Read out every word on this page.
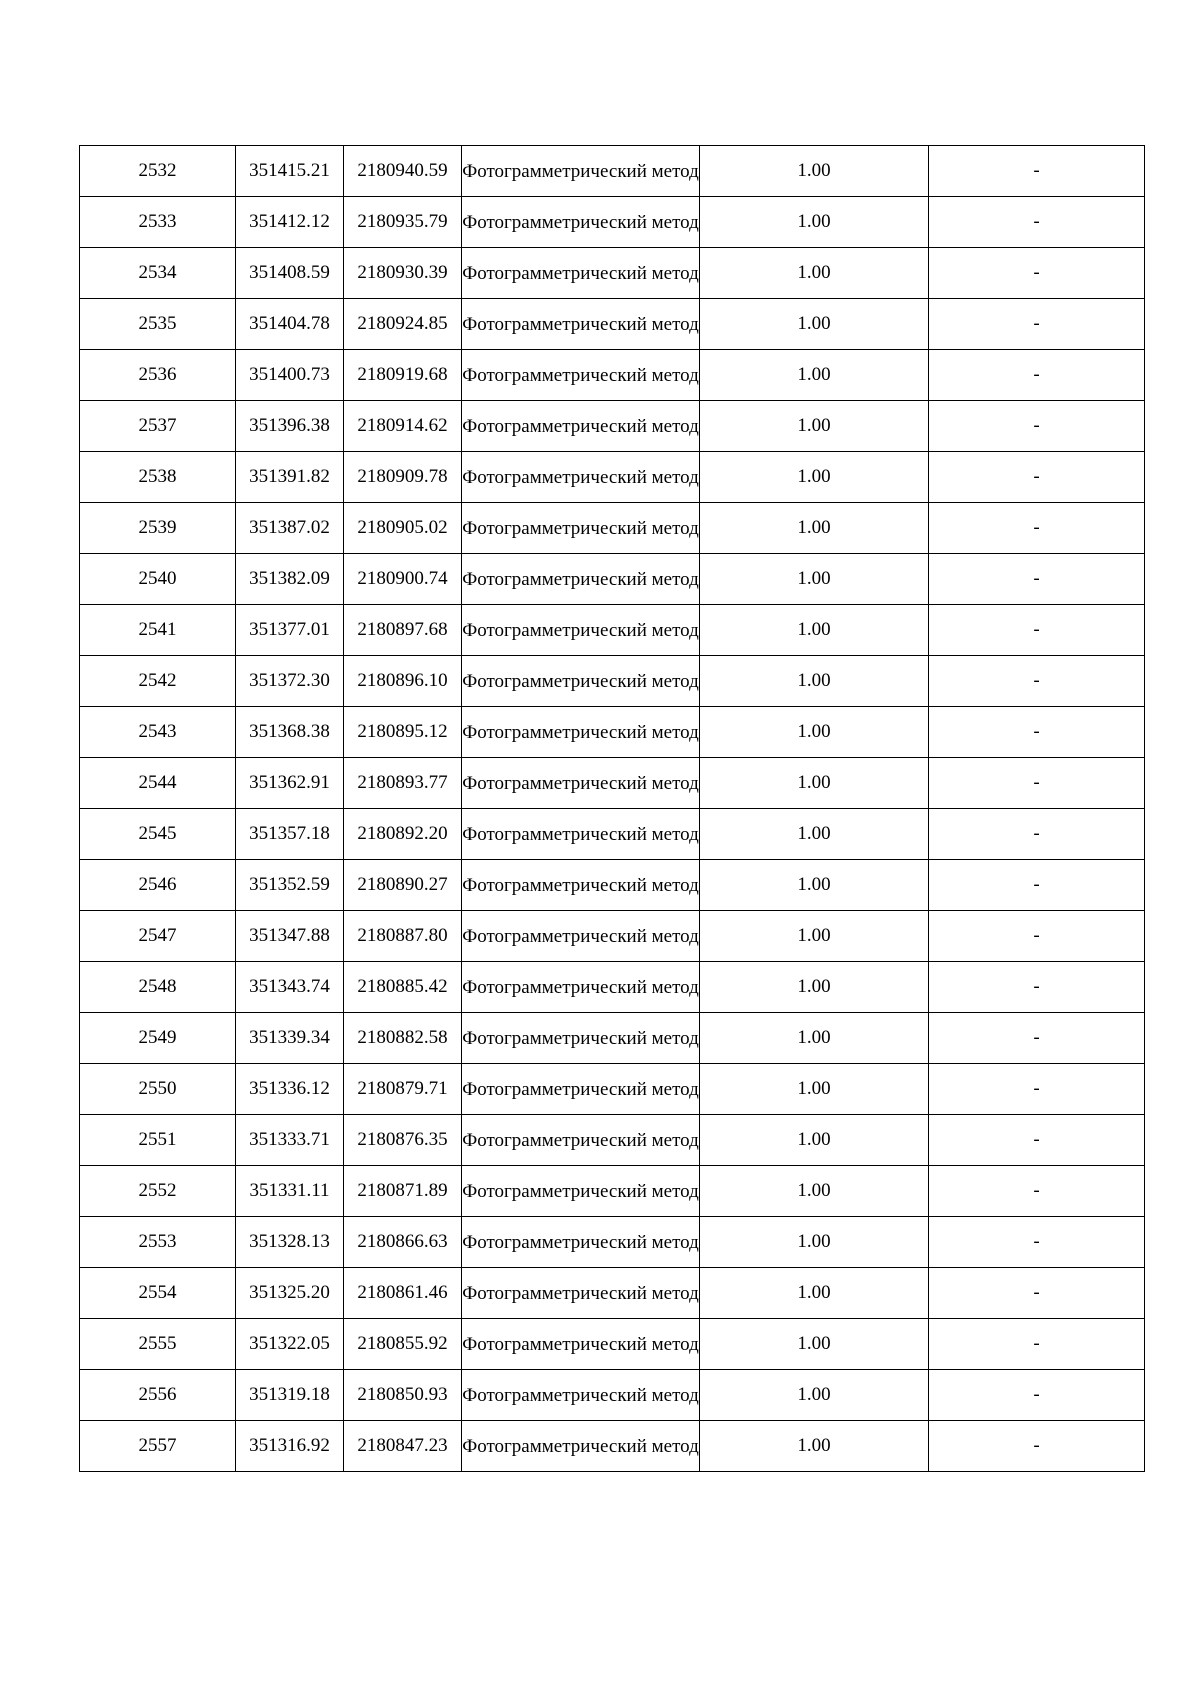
2532	351415.21	2180940.59	Фотограмметрический метод	1.00	-
2533	351412.12	2180935.79	Фотограмметрический метод	1.00	-
2534	351408.59	2180930.39	Фотограмметрический метод	1.00	-
2535	351404.78	2180924.85	Фотограмметрический метод	1.00	-
2536	351400.73	2180919.68	Фотограмметрический метод	1.00	-
2537	351396.38	2180914.62	Фотограмметрический метод	1.00	-
2538	351391.82	2180909.78	Фотограмметрический метод	1.00	-
2539	351387.02	2180905.02	Фотограмметрический метод	1.00	-
2540	351382.09	2180900.74	Фотограмметрический метод	1.00	-
2541	351377.01	2180897.68	Фотограмметрический метод	1.00	-
2542	351372.30	2180896.10	Фотограмметрический метод	1.00	-
2543	351368.38	2180895.12	Фотограмметрический метод	1.00	-
2544	351362.91	2180893.77	Фотограмметрический метод	1.00	-
2545	351357.18	2180892.20	Фотограмметрический метод	1.00	-
2546	351352.59	2180890.27	Фотограмметрический метод	1.00	-
2547	351347.88	2180887.80	Фотограмметрический метод	1.00	-
2548	351343.74	2180885.42	Фотограмметрический метод	1.00	-
2549	351339.34	2180882.58	Фотограмметрический метод	1.00	-
2550	351336.12	2180879.71	Фотограмметрический метод	1.00	-
2551	351333.71	2180876.35	Фотограмметрический метод	1.00	-
2552	351331.11	2180871.89	Фотограмметрический метод	1.00	-
2553	351328.13	2180866.63	Фотограмметрический метод	1.00	-
2554	351325.20	2180861.46	Фотограмметрический метод	1.00	-
2555	351322.05	2180855.92	Фотограмметрический метод	1.00	-
2556	351319.18	2180850.93	Фотограмметрический метод	1.00	-
2557	351316.92	2180847.23	Фотограмметрический метод	1.00	-
